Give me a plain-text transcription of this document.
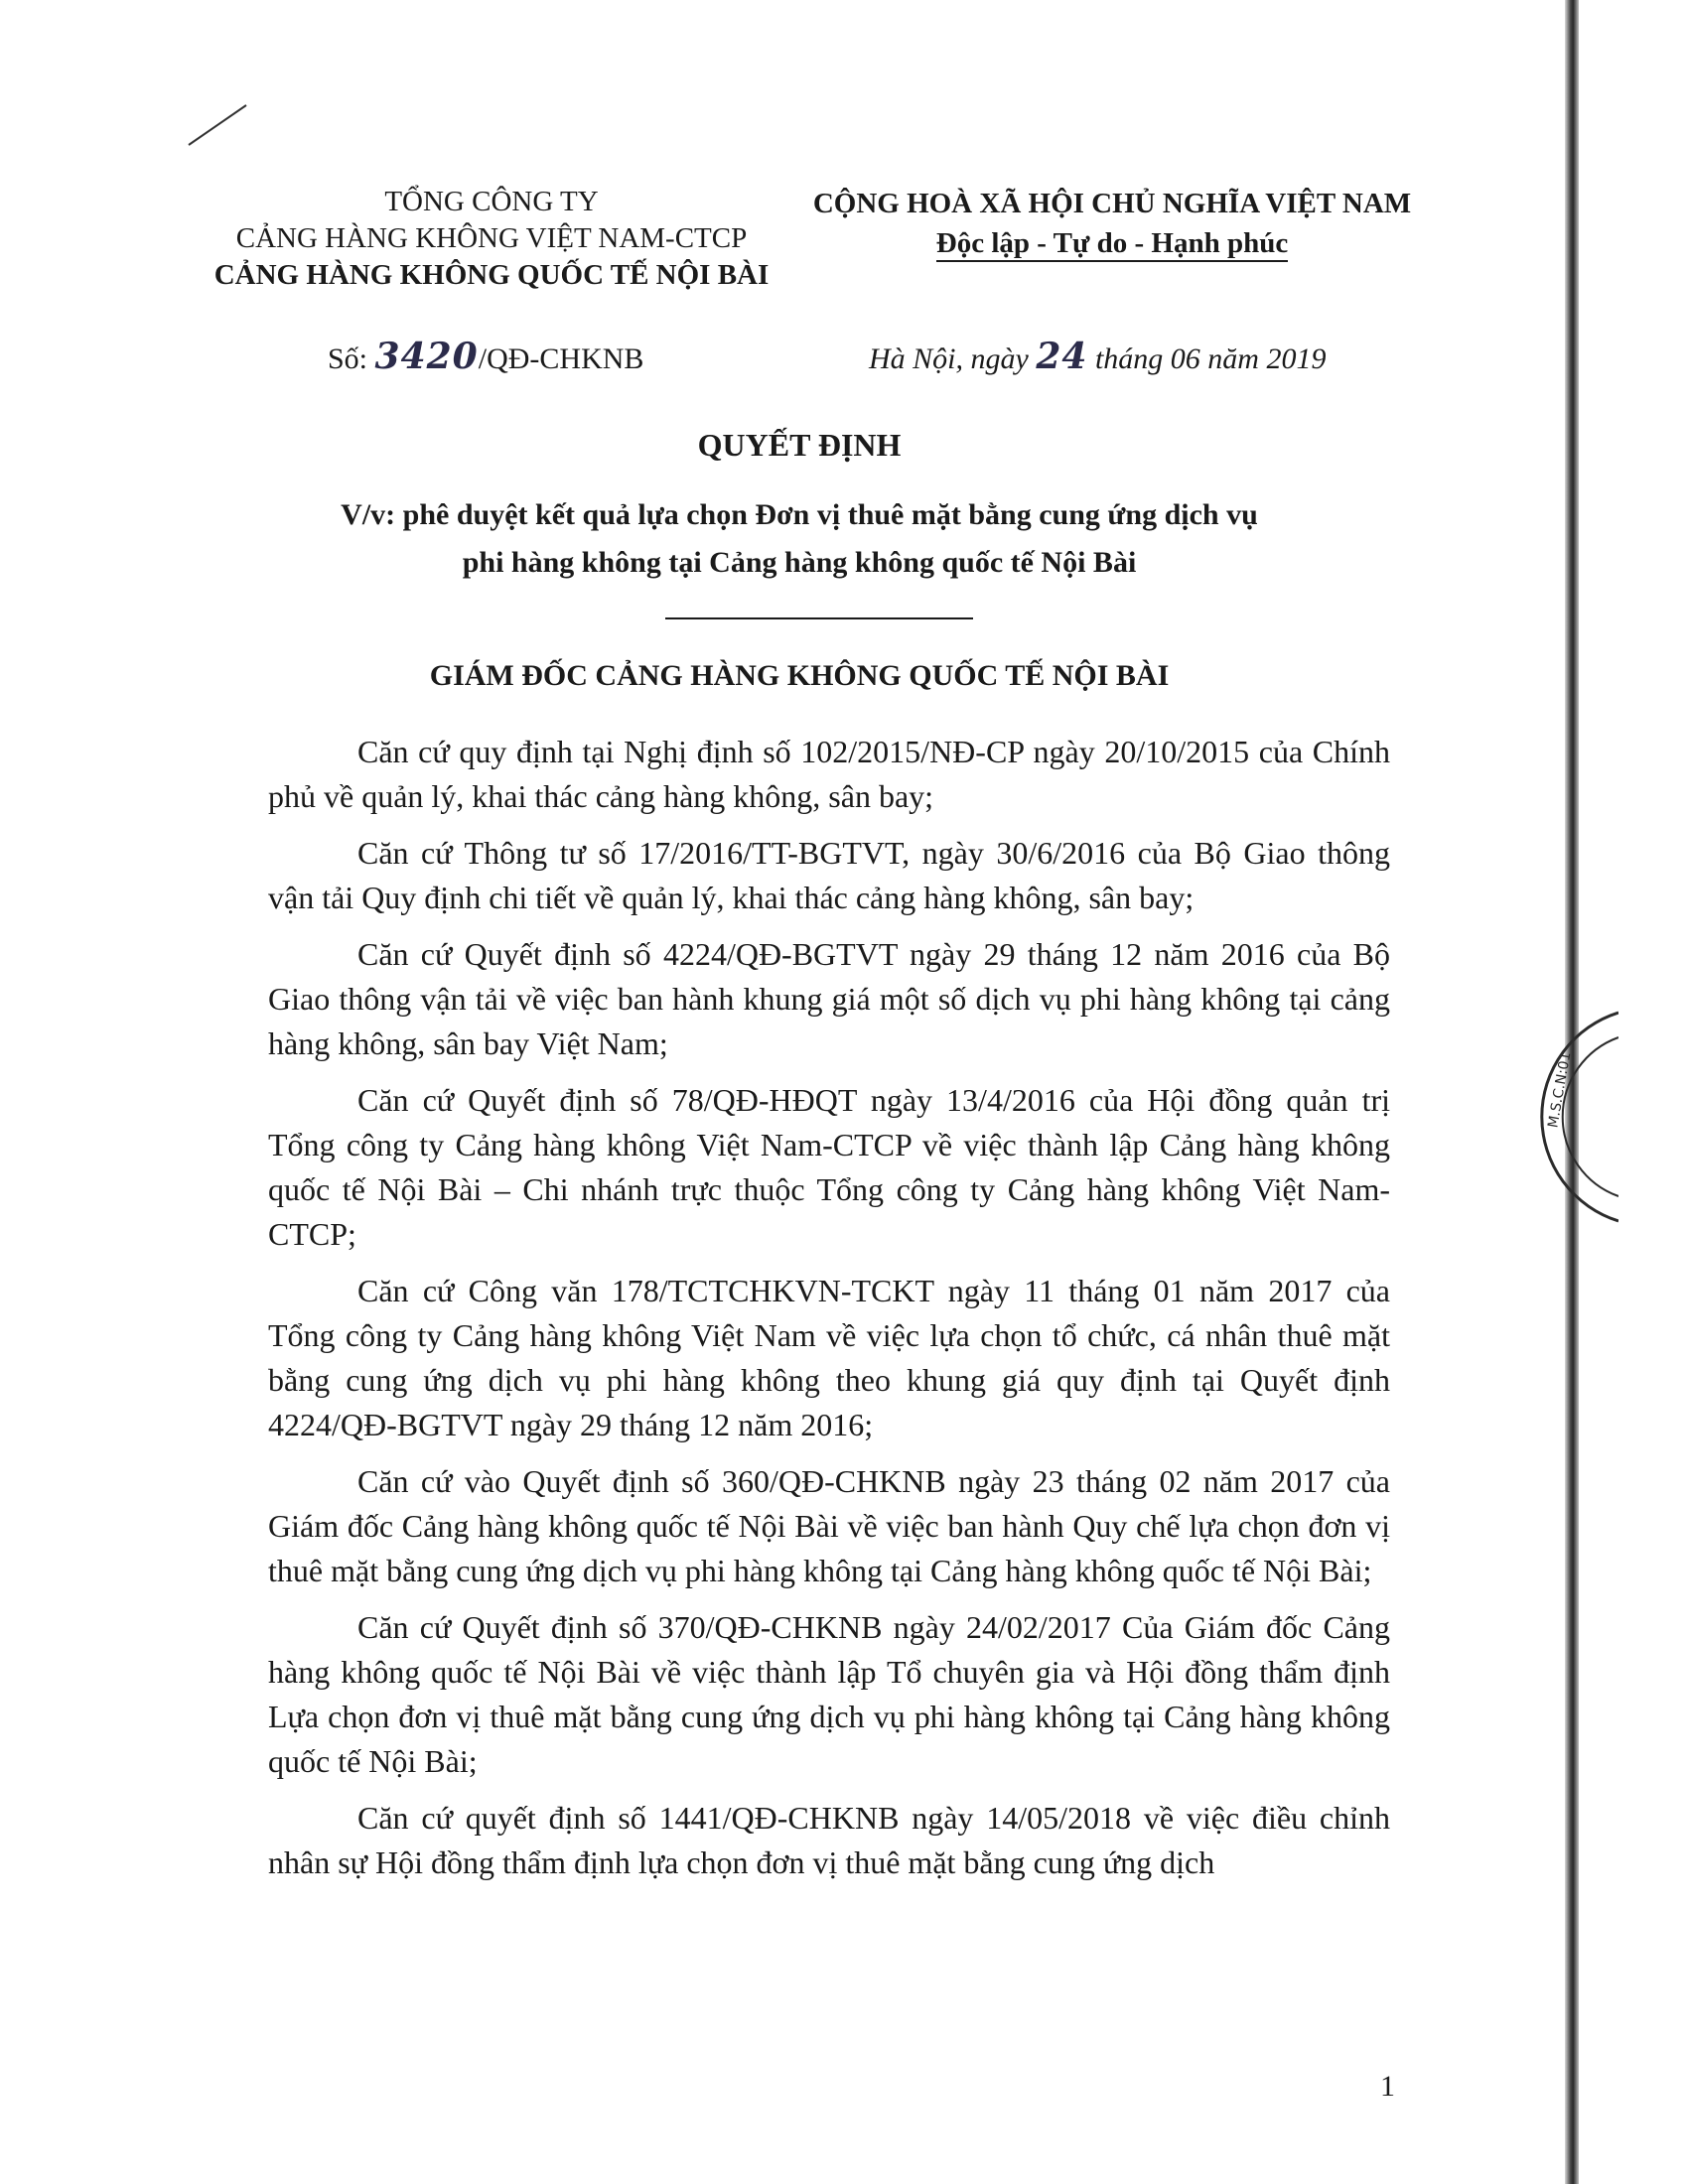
TỔNG CÔNG TY
CẢNG HÀNG KHÔNG VIỆT NAM-CTCP
CẢNG HÀNG KHÔNG QUỐC TẾ NỘI BÀI
CỘNG HOÀ XÃ HỘI CHỦ NGHĨA VIỆT NAM
Độc lập - Tự do - Hạnh phúc
Số: 3420/QĐ-CHKNB	Hà Nội, ngày 24 tháng 06 năm 2019
QUYẾT ĐỊNH
V/v: phê duyệt kết quả lựa chọn Đơn vị thuê mặt bằng cung ứng dịch vụ
phi hàng không tại Cảng hàng không quốc tế Nội Bài
GIÁM ĐỐC CẢNG HÀNG KHÔNG QUỐC TẾ NỘI BÀI

Căn cứ quy định tại Nghị định số 102/2015/NĐ-CP ngày 20/10/2015 của Chính phủ về quản lý, khai thác cảng hàng không, sân bay;

Căn cứ Thông tư số 17/2016/TT-BGTVT, ngày 30/6/2016 của Bộ Giao thông vận tải Quy định chi tiết về quản lý, khai thác cảng hàng không, sân bay;

Căn cứ Quyết định số 4224/QĐ-BGTVT ngày 29 tháng 12 năm 2016 của Bộ Giao thông vận tải về việc ban hành khung giá một số dịch vụ phi hàng không tại cảng hàng không, sân bay Việt Nam;

Căn cứ Quyết định số 78/QĐ-HĐQT ngày 13/4/2016 của Hội đồng quản trị Tổng công ty Cảng hàng không Việt Nam-CTCP về việc thành lập Cảng hàng không quốc tế Nội Bài – Chi nhánh trực thuộc Tổng công ty Cảng hàng không Việt Nam-CTCP;

Căn cứ Công văn 178/TCTCHKVN-TCKT ngày 11 tháng 01 năm 2017 của Tổng công ty Cảng hàng không Việt Nam về việc lựa chọn tổ chức, cá nhân thuê mặt bằng cung ứng dịch vụ phi hàng không theo khung giá quy định tại Quyết định 4224/QĐ-BGTVT ngày 29 tháng 12 năm 2016;

Căn cứ vào Quyết định số 360/QĐ-CHKNB ngày 23 tháng 02 năm 2017 của Giám đốc Cảng hàng không quốc tế Nội Bài về việc ban hành Quy chế lựa chọn đơn vị thuê mặt bằng cung ứng dịch vụ phi hàng không tại Cảng hàng không quốc tế Nội Bài;

Căn cứ Quyết định số 370/QĐ-CHKNB ngày 24/02/2017 Của Giám đốc Cảng hàng không quốc tế Nội Bài về việc thành lập Tổ chuyên gia và Hội đồng thẩm định Lựa chọn đơn vị thuê mặt bằng cung ứng dịch vụ phi hàng không tại Cảng hàng không quốc tế Nội Bài;

Căn cứ quyết định số 1441/QĐ-CHKNB ngày 14/05/2018 về việc điều chỉnh nhân sự Hội đồng thẩm định lựa chọn đơn vị thuê mặt bằng cung ứng dịch

M.S.C.N:01
1
